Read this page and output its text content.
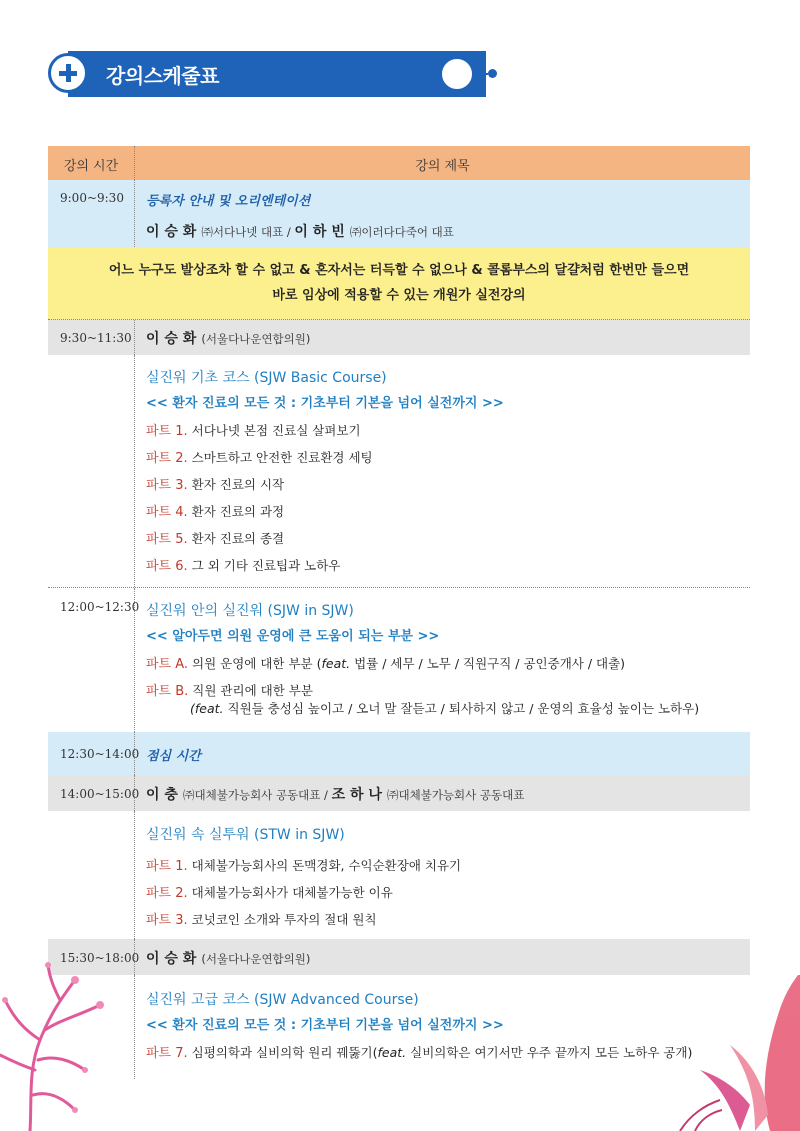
강의스케줄표
강의 시간	강의 제목
9:00~9:30 등록자 안내 및 오리엔테이션
이 승 화 ㈜서다나넷 대표 / 이 하 빈 ㈜이러다다죽어 대표
어느 누구도 발상조차 할 수 없고 & 혼자서는 터득할 수 없으나 & 콜롬부스의 달걀처럼 한번만 들으면
바로 임상에 적용할 수 있는 개원가 실전강의
9:30~11:30 이 승 화 (서울다나운연합의원)
실진워 기초 코스 (SJW Basic Course)
<< 환자 진료의 모든 것 : 기초부터 기본을 넘어 실전까지 >>
파트 1. 서다나넷 본점 진료실 살펴보기
파트 2. 스마트하고 안전한 진료환경 세팅
파트 3. 환자 진료의 시작
파트 4. 환자 진료의 과정
파트 5. 환자 진료의 종결
파트 6. 그 외 기타 진료팁과 노하우
12:00~12:30 실진워 안의 실진워 (SJW in SJW)
<< 알아두면 의원 운영에 큰 도움이 되는 부분 >>
파트 A. 의원 운영에 대한 부분 (feat. 법률 / 세무 / 노무 / 직원구직 / 공인중개사 / 대출)
파트 B. 직원 관리에 대한 부분
(feat. 직원들 충성심 높이고 / 오너 말 잘듣고 / 퇴사하지 않고 / 운영의 효율성 높이는 노하우)
12:30~14:00 점심 시간
14:00~15:00 이 충 ㈜대체불가능회사 공동대표 / 조 하 나 ㈜대체불가능회사 공동대표
실진워 속 실투워 (STW in SJW)
파트 1. 대체불가능회사의 돈맥경화, 수익순환장애 치유기
파트 2. 대체불가능회사가 대체불가능한 이유
파트 3. 코넛코인 소개와 투자의 절대 원칙
15:30~18:00 이 승 화 (서울다나운연합의원)
실진워 고급 코스 (SJW Advanced Course)
<< 환자 진료의 모든 것 : 기초부터 기본을 넘어 실전까지 >>
파트 7. 심평의학과 실비의학 원리 꿰뚫기(feat. 실비의학은 여기서만 우주 끝까지 모든 노하우 공개)
